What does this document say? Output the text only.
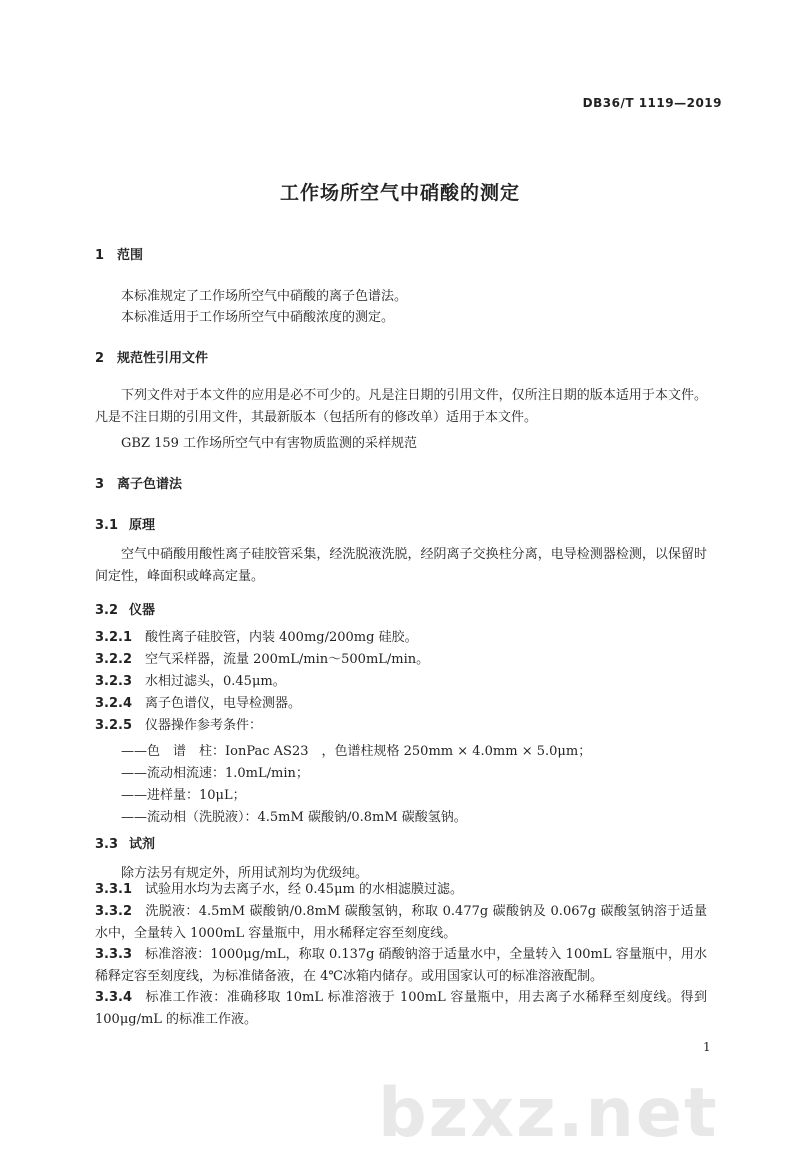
DB36/T 1119—2019
工作场所空气中硝酸的测定
1 范围
本标准规定了工作场所空气中硝酸的离子色谱法。
本标准适用于工作场所空气中硝酸浓度的测定。
2 规范性引用文件
下列文件对于本文件的应用是必不可少的。凡是注日期的引用文件，仅所注日期的版本适用于本文件。凡是不注日期的引用文件，其最新版本（包括所有的修改单）适用于本文件。
GBZ 159 工作场所空气中有害物质监测的采样规范
3 离子色谱法
3.1 原理
空气中硝酸用酸性离子硅胶管采集，经洗脱液洗脱，经阴离子交换柱分离，电导检测器检测，以保留时间定性，峰面积或峰高定量。
3.2 仪器
3.2.1 酸性离子硅胶管，内装 400mg/200mg 硅胶。
3.2.2 空气采样器，流量 200mL/min～500mL/min。
3.2.3 水相过滤头，0.45μm。
3.2.4 离子色谱仪，电导检测器。
3.2.5 仪器操作参考条件：
——色　谱　柱：IonPac AS23　，色谱柱规格 250mm × 4.0mm × 5.0μm；
——流动相流速：1.0mL/min；
——进样量：10μL；
——流动相（洗脱液）：4.5mM 碳酸钠/0.8mM 碳酸氢钠。
3.3 试剂
除方法另有规定外，所用试剂均为优级纯。
3.3.1 试验用水均为去离子水，经 0.45μm 的水相滤膜过滤。
3.3.2 洗脱液：4.5mM 碳酸钠/0.8mM 碳酸氢钠，称取 0.477g 碳酸钠及 0.067g 碳酸氢钠溶于适量水中，全量转入 1000mL 容量瓶中，用水稀释定容至刻度线。
3.3.3 标准溶液：1000μg/mL，称取 0.137g 硝酸钠溶于适量水中，全量转入 100mL 容量瓶中，用水稀释定容至刻度线，为标准储备液，在 4℃冰箱内储存。或用国家认可的标准溶液配制。
3.3.4 标准工作液：准确移取 10mL 标准溶液于 100mL 容量瓶中，用去离子水稀释至刻度线。得到 100μg/mL 的标准工作液。
bzxz.net
1
